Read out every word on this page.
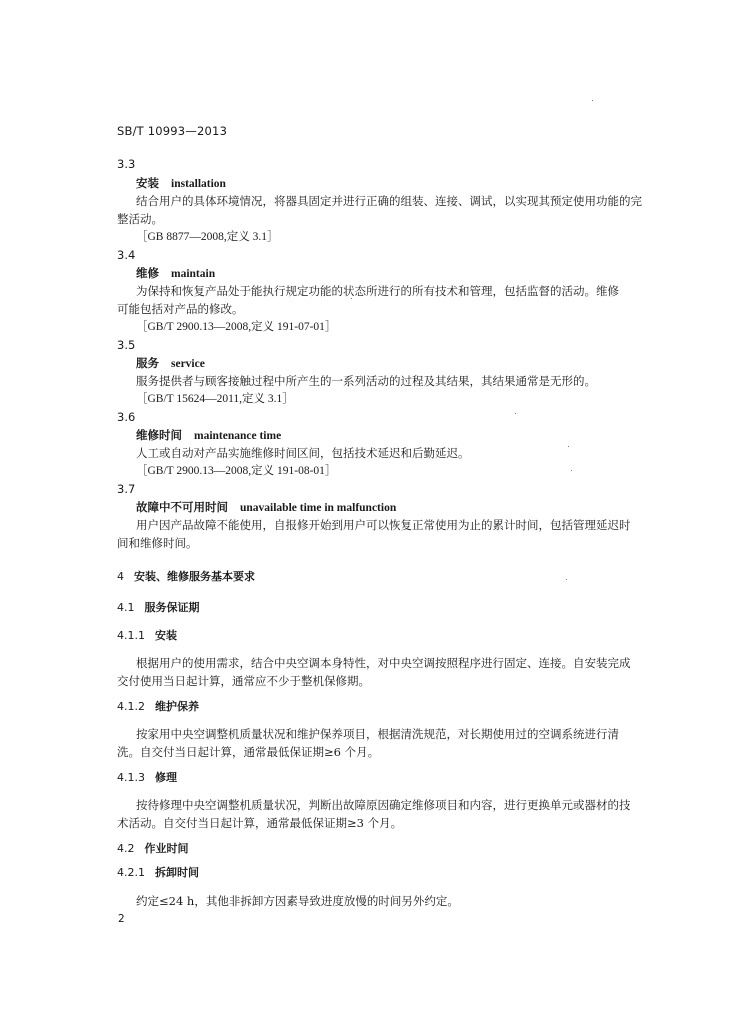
SB/T 10993—2013
3.3
安装 installation
结合用户的具体环境情况，将器具固定并进行正确的组装、连接、调试，以实现其预定使用功能的完
整活动。
［GB 8877—2008,定义 3.1］
3.4
维修 maintain
为保持和恢复产品处于能执行规定功能的状态所进行的所有技术和管理，包括监督的活动。维修
可能包括对产品的修改。
［GB/T 2900.13—2008,定义 191-07-01］
3.5
服务 service
服务提供者与顾客接触过程中所产生的一系列活动的过程及其结果，其结果通常是无形的。
［GB/T 15624—2011,定义 3.1］
3.6
维修时间 maintenance time
人工或自动对产品实施维修时间区间，包括技术延迟和后勤延迟。
［GB/T 2900.13—2008,定义 191-08-01］
3.7
故障中不可用时间 unavailable time in malfunction
用户因产品故障不能使用，自报修开始到用户可以恢复正常使用为止的累计时间，包括管理延迟时
间和维修时间。
4 安装、维修服务基本要求
4.1 服务保证期
4.1.1 安装
根据用户的使用需求，结合中央空调本身特性，对中央空调按照程序进行固定、连接。自安装完成
交付使用当日起计算，通常应不少于整机保修期。
4.1.2 维护保养
按家用中央空调整机质量状况和维护保养项目，根据清洗规范，对长期使用过的空调系统进行清
洗。自交付当日起计算，通常最低保证期≥6 个月。
4.1.3 修理
按待修理中央空调整机质量状况，判断出故障原因确定维修项目和内容，进行更换单元或器材的技
术活动。自交付当日起计算，通常最低保证期≥3 个月。
4.2 作业时间
4.2.1 拆卸时间
约定≤24 h，其他非拆卸方因素导致进度放慢的时间另外约定。
2
